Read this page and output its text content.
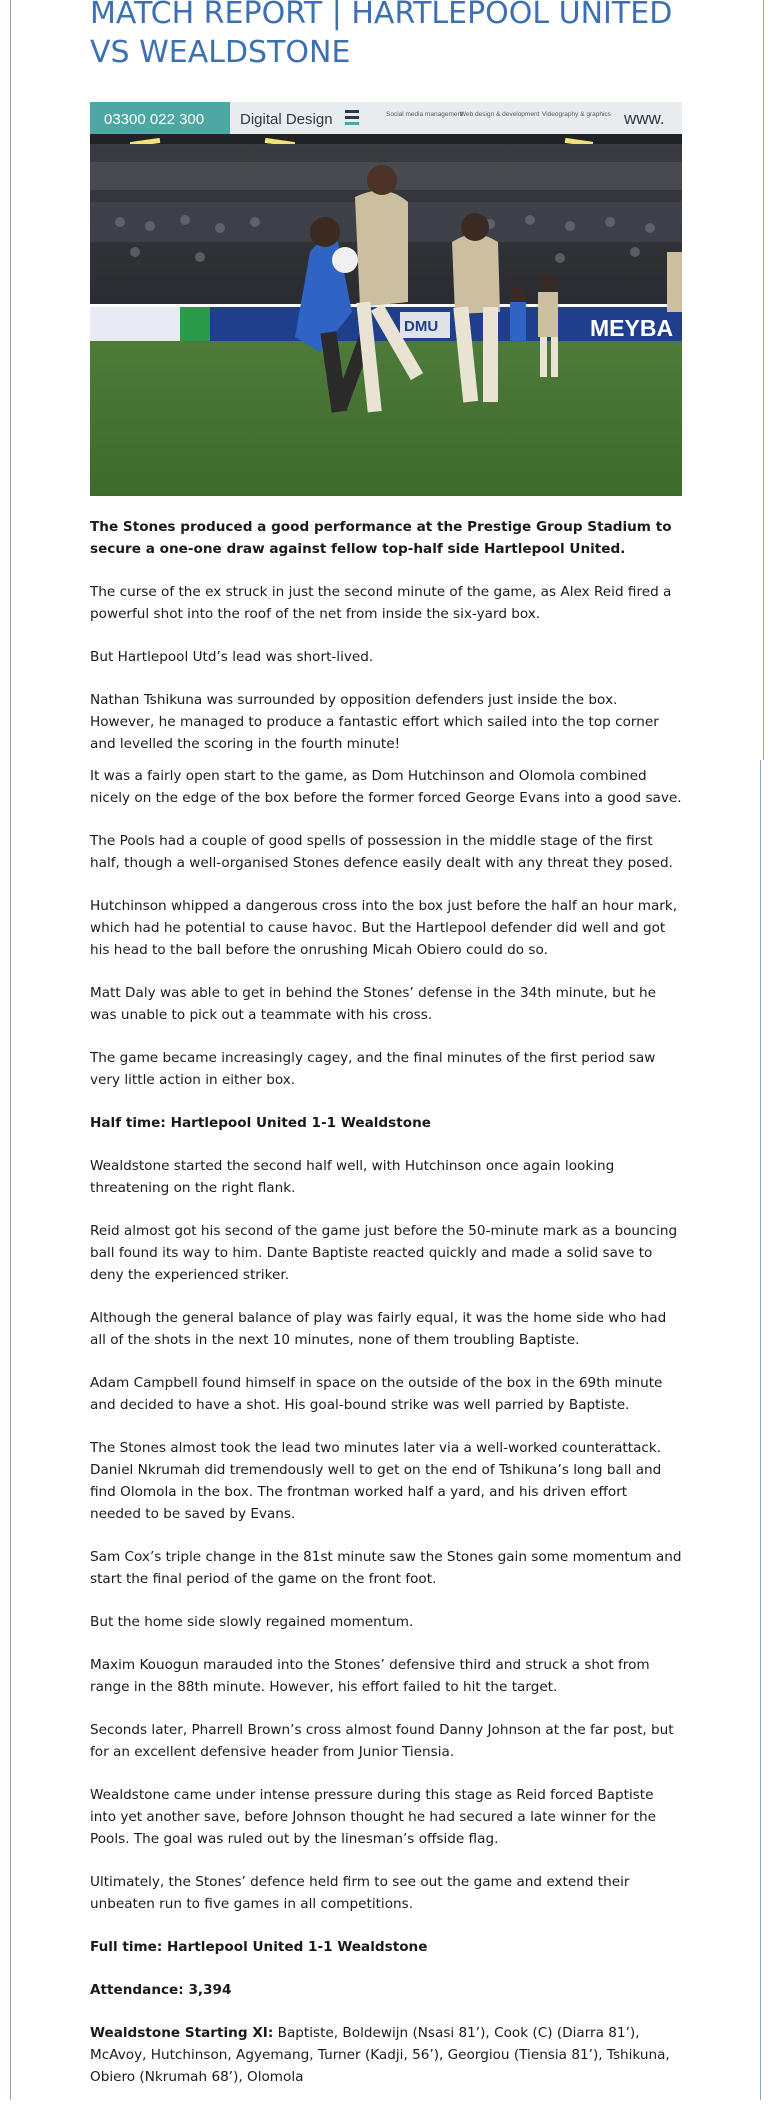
MATCH REPORT | HARTLEPOOL UNITED VS WEALDSTONE
03300 022 300 Digital Design	Social media management
Web design & development Videography & graphics www.
DMU	MEYBA

The Stones produced a good performance at the Prestige Group Stadium to secure a one-one draw against fellow top-half side Hartlepool United.

The curse of the ex struck in just the second minute of the game, as Alex Reid fired a powerful shot into the roof of the net from inside the six-yard box.

But Hartlepool Utd’s lead was short-lived.

Nathan Tshikuna was surrounded by opposition defenders just inside the box. However, he managed to produce a fantastic effort which sailed into the top corner and levelled the scoring in the fourth minute!

It was a fairly open start to the game, as Dom Hutchinson and Olomola combined nicely on the edge of the box before the former forced George Evans into a good save.

The Pools had a couple of good spells of possession in the middle stage of the first half, though a well-organised Stones defence easily dealt with any threat they posed.

Hutchinson whipped a dangerous cross into the box just before the half an hour mark, which had he potential to cause havoc. But the Hartlepool defender did well and got his head to the ball before the onrushing Micah Obiero could do so.

Matt Daly was able to get in behind the Stones’ defense in the 34th minute, but he was unable to pick out a teammate with his cross.

The game became increasingly cagey, and the final minutes of the first period saw very little action in either box.

Half time: Hartlepool United 1-1 Wealdstone

Wealdstone started the second half well, with Hutchinson once again looking threatening on the right flank.

Reid almost got his second of the game just before the 50-minute mark as a bouncing ball found its way to him. Dante Baptiste reacted quickly and made a solid save to deny the experienced striker.

Although the general balance of play was fairly equal, it was the home side who had all of the shots in the next 10 minutes, none of them troubling Baptiste.

Adam Campbell found himself in space on the outside of the box in the 69th minute and decided to have a shot. His goal-bound strike was well parried by Baptiste.

The Stones almost took the lead two minutes later via a well-worked counterattack. Daniel Nkrumah did tremendously well to get on the end of Tshikuna’s long ball and find Olomola in the box. The frontman worked half a yard, and his driven effort needed to be saved by Evans.

Sam Cox’s triple change in the 81st minute saw the Stones gain some momentum and start the final period of the game on the front foot.

But the home side slowly regained momentum.

Maxim Kouogun marauded into the Stones’ defensive third and struck a shot from range in the 88th minute. However, his effort failed to hit the target.

Seconds later, Pharrell Brown’s cross almost found Danny Johnson at the far post, but for an excellent defensive header from Junior Tiensia.

Wealdstone came under intense pressure during this stage as Reid forced Baptiste into yet another save, before Johnson thought he had secured a late winner for the Pools. The goal was ruled out by the linesman’s offside flag.

Ultimately, the Stones’ defence held firm to see out the game and extend their unbeaten run to five games in all competitions.

Full time: Hartlepool United 1-1 Wealdstone

Attendance: 3,394

Wealdstone Starting XI: Baptiste, Boldewijn (Nsasi 81’), Cook (C) (Diarra 81’), McAvoy, Hutchinson, Agyemang, Turner (Kadji, 56’), Georgiou (Tiensia 81’), Tshikuna, Obiero (Nkrumah 68’), Olomola
